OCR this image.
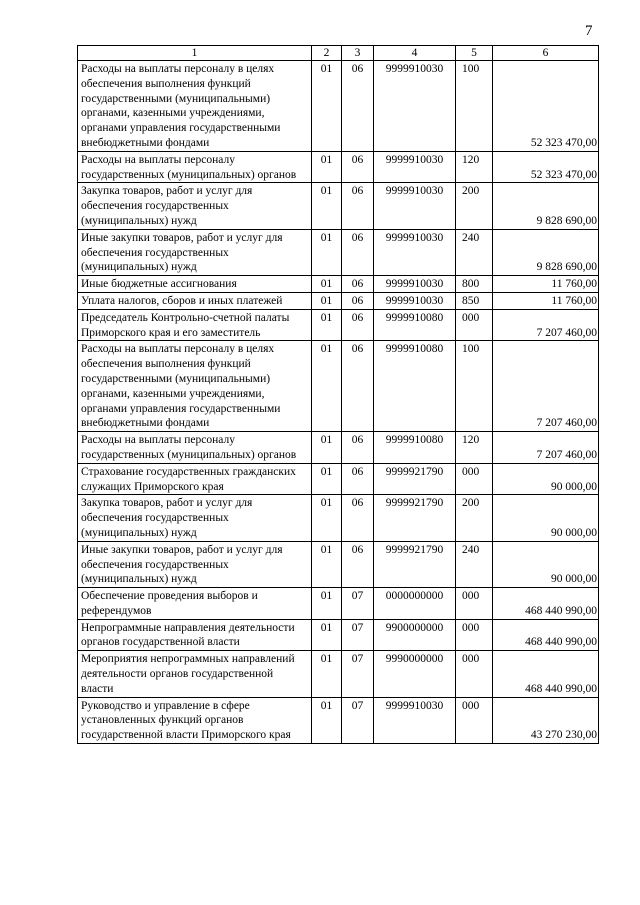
7
1	2	3	4	5	6
Расходы на выплаты персоналу в целях обеспечения выполнения функций государственными (муниципальными) органами, казенными учреждениями, органами управления государственными внебюджетными фондами	01	06	9999910030	100	52 323 470,00
Расходы на выплаты персоналу государственных (муниципальных) органов	01	06	9999910030	120	52 323 470,00
Закупка товаров, работ и услуг для обеспечения государственных (муниципальных) нужд	01	06	9999910030	200	9 828 690,00
Иные закупки товаров, работ и услуг для обеспечения государственных (муниципальных) нужд	01	06	9999910030	240	9 828 690,00
Иные бюджетные ассигнования	01	06	9999910030	800	11 760,00
Уплата налогов, сборов и иных платежей	01	06	9999910030	850	11 760,00
Председатель Контрольно-счетной палаты Приморского края и его заместитель	01	06	9999910080	000	7 207 460,00
Расходы на выплаты персоналу в целях обеспечения выполнения функций государственными (муниципальными) органами, казенными учреждениями, органами управления государственными внебюджетными фондами	01	06	9999910080	100	7 207 460,00
Расходы на выплаты персоналу государственных (муниципальных) органов	01	06	9999910080	120	7 207 460,00
Страхование государственных гражданских служащих Приморского края	01	06	9999921790	000	90 000,00
Закупка товаров, работ и услуг для обеспечения государственных (муниципальных) нужд	01	06	9999921790	200	90 000,00
Иные закупки товаров, работ и услуг для обеспечения государственных (муниципальных) нужд	01	06	9999921790	240	90 000,00
Обеспечение проведения выборов и референдумов	01	07	0000000000	000	468 440 990,00
Непрограммные направления деятельности органов государственной власти	01	07	9900000000	000	468 440 990,00
Мероприятия непрограммных направлений деятельности органов государственной власти	01	07	9990000000	000	468 440 990,00
Руководство и управление в сфере установленных функций органов государственной власти Приморского края	01	07	9999910030	000	43 270 230,00
